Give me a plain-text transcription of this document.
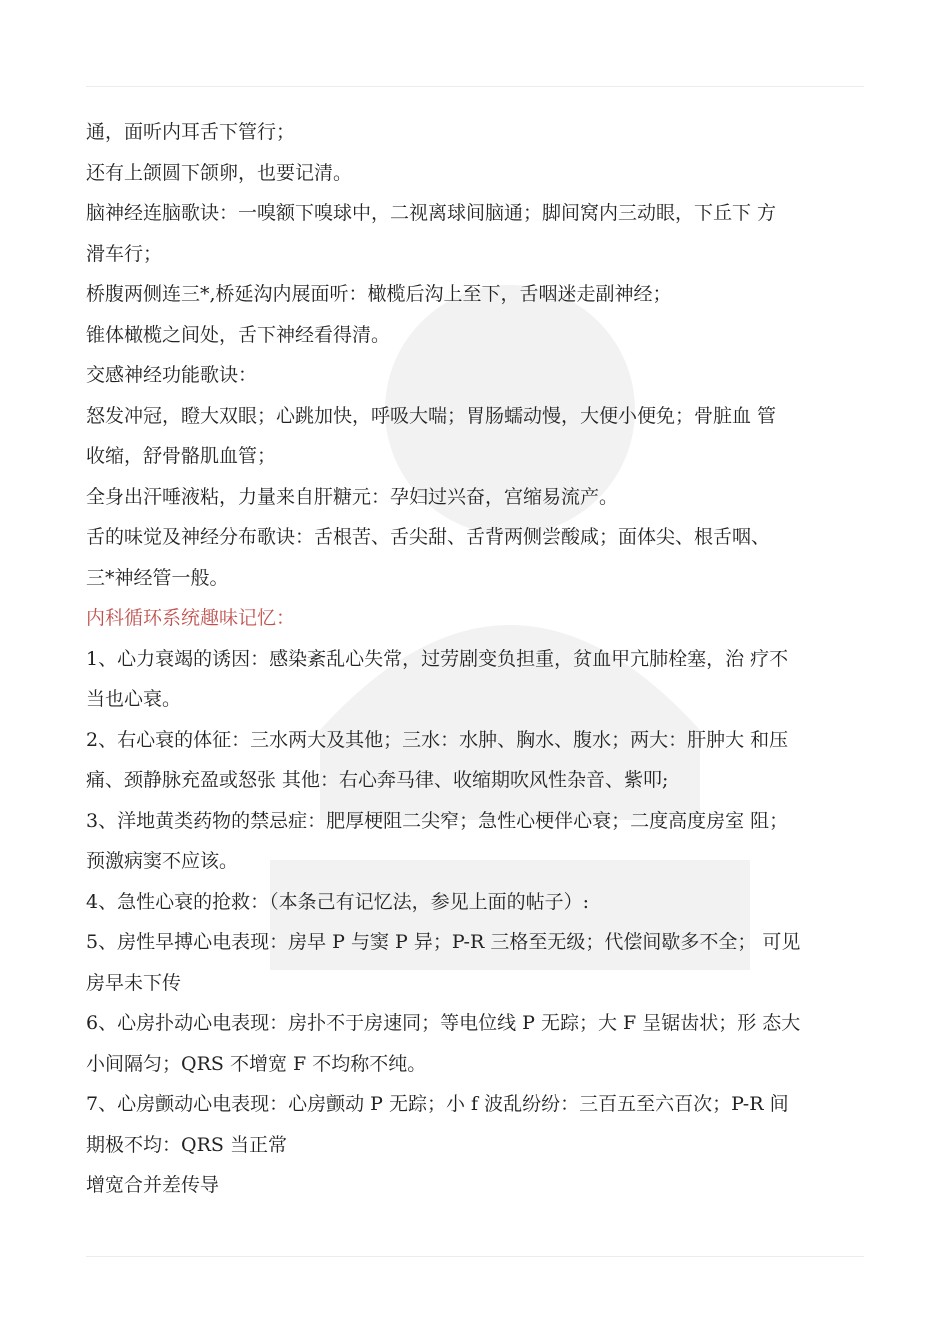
通，面听内耳舌下管行；

还有上颌圆下颌卵，也要记清。

脑神经连脑歌诀：一嗅额下嗅球中，二视离球间脑通；脚间窝内三动眼，下丘下 方

滑车行；

桥腹两侧连三*,桥延沟内展面听：橄榄后沟上至下，舌咽迷走副神经；

锥体橄榄之间处，舌下神经看得清。

交感神经功能歌诀：

怒发冲冠，瞪大双眼；心跳加快，呼吸大喘；胃肠蠕动慢，大便小便免；骨脏血 管

收缩，舒骨骼肌血管；

全身出汗唾液粘，力量来自肝糖元：孕妇过兴奋，宫缩易流产。

舌的味觉及神经分布歌诀：舌根苦、舌尖甜、舌背两侧尝酸咸；面体尖、根舌咽、

三*神经管一般。

内科循环系统趣味记忆：

1、心力衰竭的诱因：感染紊乱心失常，过劳剧变负担重，贫血甲亢肺栓塞，治 疗不

当也心衰。

2、右心衰的体征：三水两大及其他；三水：水肿、胸水、腹水；两大：肝肿大 和压

痛、颈静脉充盈或怒张 其他：右心奔马律、收缩期吹风性杂音、紫叩;

3、洋地黄类药物的禁忌症：肥厚梗阻二尖窄；急性心梗伴心衰；二度高度房室 阻；

预激病窦不应该。

4、急性心衰的抢救：（本条己有记忆法，参见上面的帖子）:

5、房性早搏心电表现：房早 P 与窦 P 异；P-R 三格至无级；代偿间歇多不全； 可见

房早未下传

6、心房扑动心电表现：房扑不于房速同；等电位线 P 无踪；大 F 呈锯齿状；形 态大

小间隔匀；QRS 不增宽 F 不均称不纯。

7、心房颤动心电表现：心房颤动 P 无踪；小 f 波乱纷纷：三百五至六百次；P-R 间

期极不均：QRS 当正常

增宽合并差传导
